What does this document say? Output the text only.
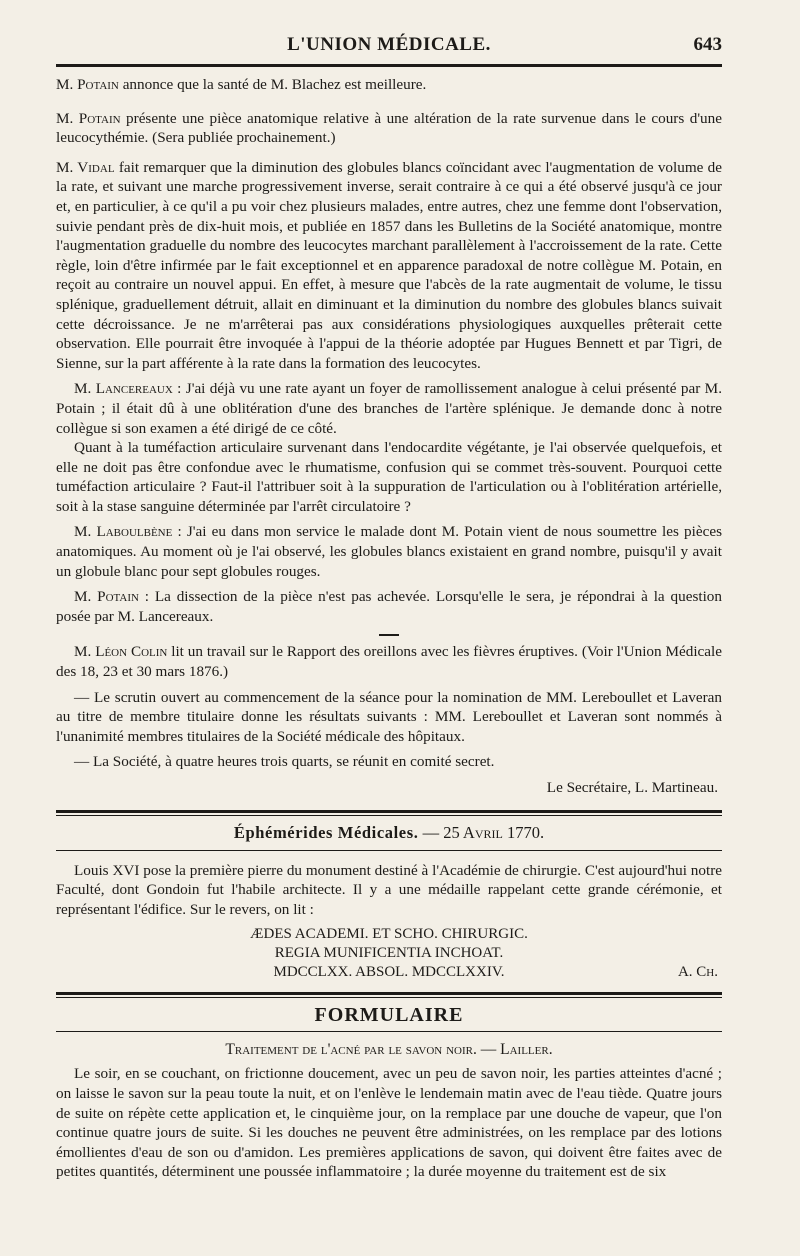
L'UNION MÉDICALE.	643

M. Potain annonce que la santé de M. Blachez est meilleure.

M. Potain présente une pièce anatomique relative à une altération de la rate survenue dans le cours d'une leucocythémie. (Sera publiée prochainement.)

M. Vidal fait remarquer que la diminution des globules blancs coïncidant avec l'augmentation de volume de la rate, et suivant une marche progressivement inverse, serait contraire à ce qui a été observé jusqu'à ce jour et, en particulier, à ce qu'il a pu voir chez plusieurs malades, entre autres, chez une femme dont l'observation, suivie pendant près de dix-huit mois, et publiée en 1857 dans les Bulletins de la Société anatomique, montre l'augmentation graduelle du nombre des leucocytes marchant parallèlement à l'accroissement de la rate. Cette règle, loin d'être infirmée par le fait exceptionnel et en apparence paradoxal de notre collègue M. Potain, en reçoit au contraire un nouvel appui. En effet, à mesure que l'abcès de la rate augmentait de volume, le tissu splénique, graduellement détruit, allait en diminuant et la diminution du nombre des globules blancs suivait cette décroissance. Je ne m'arrêterai pas aux considérations physiologiques auxquelles prêterait cette observation. Elle pourrait être invoquée à l'appui de la théorie adoptée par Hugues Bennett et par Tigri, de Sienne, sur la part afférente à la rate dans la formation des leucocytes.

M. Lancereaux : J'ai déjà vu une rate ayant un foyer de ramollissement analogue à celui présenté par M. Potain ; il était dû à une oblitération d'une des branches de l'artère splénique. Je demande donc à notre collègue si son examen a été dirigé de ce côté.

Quant à la tuméfaction articulaire survenant dans l'endocardite végétante, je l'ai observée quelquefois, et elle ne doit pas être confondue avec le rhumatisme, confusion qui se commet très-souvent. Pourquoi cette tuméfaction articulaire ? Faut-il l'attribuer soit à la suppuration de l'articulation ou à l'oblitération artérielle, soit à la stase sanguine déterminée par l'arrêt circulatoire ?

M. Laboulbène : J'ai eu dans mon service le malade dont M. Potain vient de nous soumettre les pièces anatomiques. Au moment où je l'ai observé, les globules blancs existaient en grand nombre, puisqu'il y avait un globule blanc pour sept globules rouges.

M. Potain : La dissection de la pièce n'est pas achevée. Lorsqu'elle le sera, je répondrai à la question posée par M. Lancereaux.

M. Léon Colin lit un travail sur le Rapport des oreillons avec les fièvres éruptives. (Voir l'Union Médicale des 18, 23 et 30 mars 1876.)

— Le scrutin ouvert au commencement de la séance pour la nomination de MM. Lereboullet et Laveran au titre de membre titulaire donne les résultats suivants : MM. Lereboullet et Laveran sont nommés à l'unanimité membres titulaires de la Société médicale des hôpitaux.

— La Société, à quatre heures trois quarts, se réunit en comité secret.

Le Secrétaire, L. Martineau.
Éphémérides Médicales. — 25 Avril 1770.

Louis XVI pose la première pierre du monument destiné à l'Académie de chirurgie. C'est aujourd'hui notre Faculté, dont Gondoin fut l'habile architecte. Il y a une médaille rappelant cette grande cérémonie, et représentant l'édifice. Sur le revers, on lit :

ÆDES ACADEMI. ET SCHO. CHIRURGIC.
REGIA MUNIFICENTIA INCHOAT.
MDCCLXX. ABSOL. MDCCLXXIV.	A. Ch.
FORMULAIRE
Traitement de l'acné par le savon noir. — Lailler.

Le soir, en se couchant, on frictionne doucement, avec un peu de savon noir, les parties atteintes d'acné ; on laisse le savon sur la peau toute la nuit, et on l'enlève le lendemain matin avec de l'eau tiède. Quatre jours de suite on répète cette application et, le cinquième jour, on la remplace par une douche de vapeur, que l'on continue quatre jours de suite. Si les douches ne peuvent être administrées, on les remplace par des lotions émollientes d'eau de son ou d'amidon. Les premières applications de savon, qui doivent être faites avec de petites quantités, déterminent une poussée inflammatoire ; la durée moyenne du traitement est de six
